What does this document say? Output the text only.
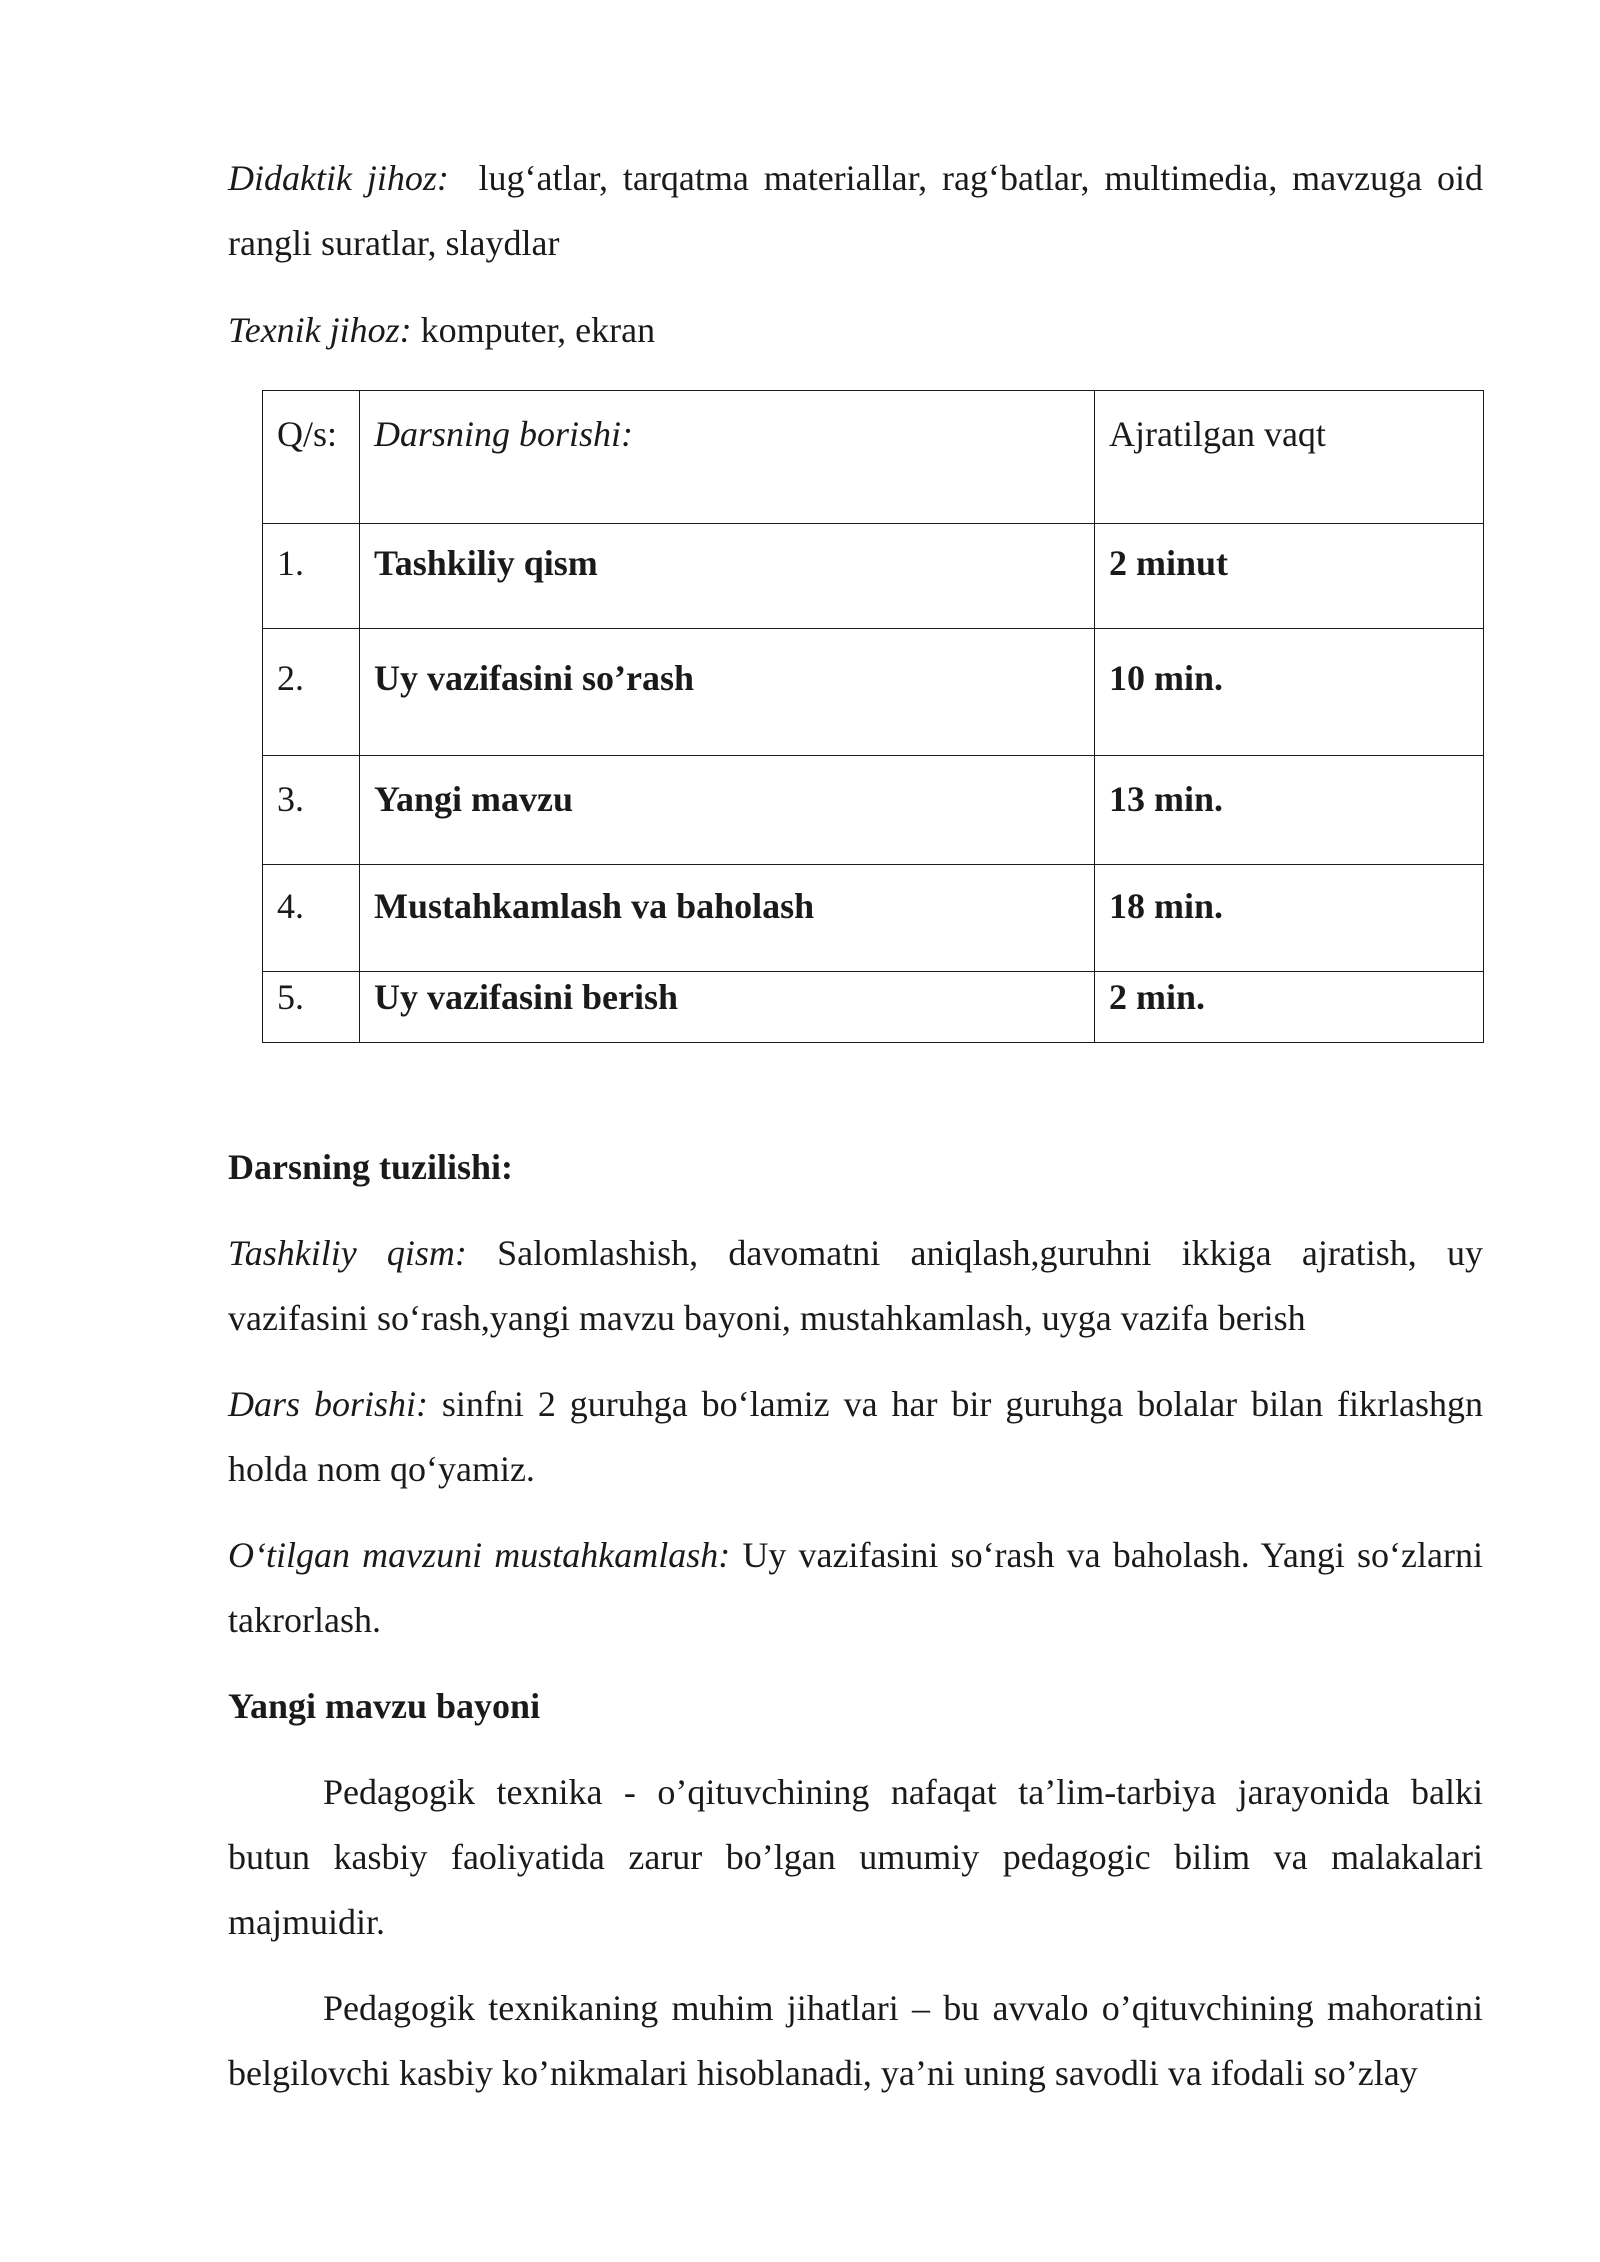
Didaktik jihoz:  lug‘atlar, tarqatma materiallar, rag‘batlar, multimedia, mavzuga oid rangli suratlar, slaydlar

Texnik jihoz: komputer, ekran

Q/s:	Darsning borishi:	Ajratilgan vaqt
1.	Tashkiliy qism	2 minut
2.	Uy vazifasini so’rash	10 min.
3.	Yangi mavzu	13 min.
4.	Mustahkamlash va baholash	18 min.
5.	Uy vazifasini berish	2 min.
Darsning tuzilishi:

Tashkiliy qism: Salomlashish, davomatni aniqlash,guruhni ikkiga ajratish, uy vazifasini so‘rash,yangi mavzu bayoni, mustahkamlash, uyga vazifa berish

Dars borishi: sinfni 2 guruhga bo‘lamiz va har bir guruhga bolalar bilan fikrlashgn holda nom qo‘yamiz.

O‘tilgan mavzuni mustahkamlash: Uy vazifasini so‘rash va baholash. Yangi so‘zlarni takrorlash.

Yangi mavzu bayoni

Pedagogik texnika - o’qituvchining nafaqat ta’lim-tarbiya jarayonida balki butun kasbiy faoliyatida zarur bo’lgan umumiy pedagogic bilim va malakalari majmuidir.

Pedagogik texnikaning muhim jihatlari – bu avvalo o’qituvchining mahoratini belgilovchi kasbiy ko’nikmalari hisoblanadi, ya’ni uning savodli va ifodali so’zlay
